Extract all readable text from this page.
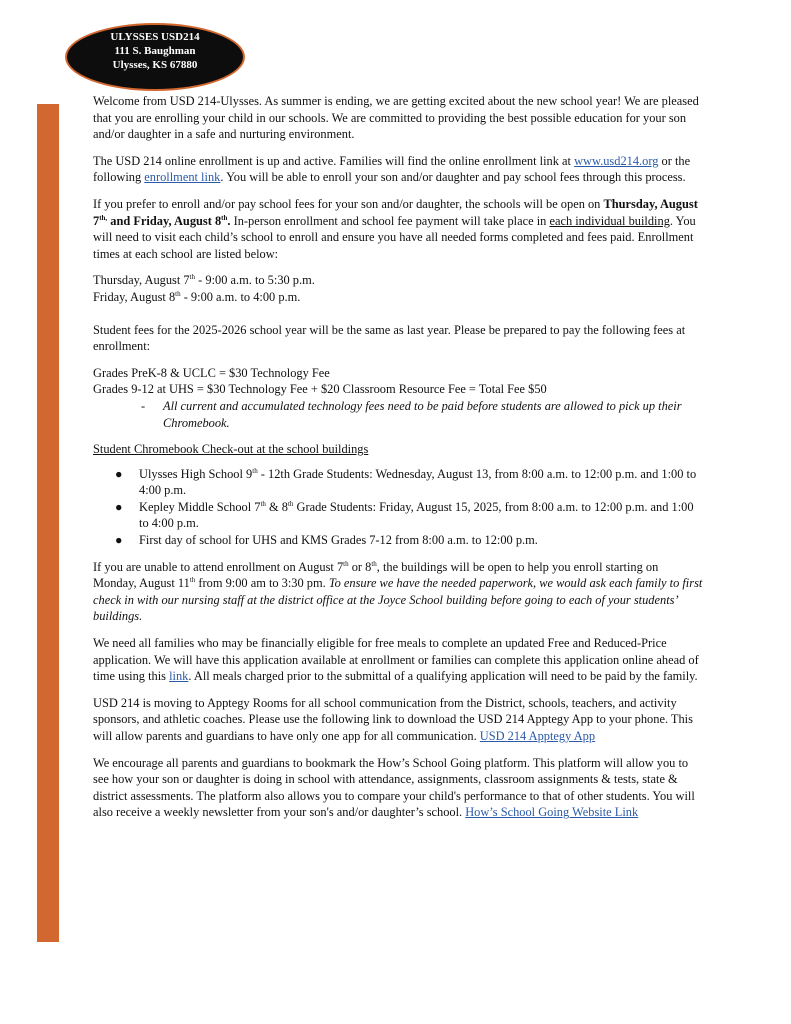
ULYSSES USD214
111 S. Baughman
Ulysses, KS 67880

Welcome from USD 214-Ulysses. As summer is ending, we are getting excited about the new school year! We are pleased that you are enrolling your child in our schools. We are committed to providing the best possible education for your son and/or daughter in a safe and nurturing environment.

The USD 214 online enrollment is up and active. Families will find the online enrollment link at www.usd214.org or the following enrollment link. You will be able to enroll your son and/or daughter and pay school fees through this process.

If you prefer to enroll and/or pay school fees for your son and/or daughter, the schools will be open on Thursday, August $7^{th,}$ and Friday, August 8th. In-person enrollment and school fee payment will take place in each individual building. You will need to visit each child’s school to enroll and ensure you have all needed forms completed and fees paid. Enrollment times at each school are listed below:

Thursday, August 7th - 9:00 a.m. to 5:30 p.m.

Friday, August 8th - 9:00 a.m. to 4:00 p.m.

Student fees for the 2025-2026 school year will be the same as last year. Please be prepared to pay the following fees at enrollment:

Grades PreK-8 & UCLC = $30 Technology Fee

Grades 9-12 at UHS = $30 Technology Fee + $20 Classroom Resource Fee = Total Fee $50

-	All current and accumulated technology fees need to be paid before students are allowed to pick up their Chromebook.
Student Chromebook Check-out at the school buildings
●	Ulysses High School 9th - 12th Grade Students: Wednesday, August 13, from 8:00 a.m. to 12:00 p.m. and 1:00 to 4:00 p.m.
●	Kepley Middle School 7th & 8th Grade Students: Friday, August 15, 2025, from 8:00 a.m. to 12:00 p.m. and 1:00 to 4:00 p.m.
●	First day of school for UHS and KMS Grades 7-12 from 8:00 a.m. to 12:00 p.m.

If you are unable to attend enrollment on August 7th or 8th, the buildings will be open to help you enroll starting on Monday, August 11th from 9:00 am to 3:30 pm. To ensure we have the needed paperwork, we would ask each family to first check in with our nursing staff at the district office at the Joyce School building before going to each of your students’ buildings.

We need all families who may be financially eligible for free meals to complete an updated Free and Reduced-Price application. We will have this application available at enrollment or families can complete this application online ahead of time using this link. All meals charged prior to the submittal of a qualifying application will need to be paid by the family.

USD 214 is moving to Apptegy Rooms for all school communication from the District, schools, teachers, and activity sponsors, and athletic coaches. Please use the following link to download the USD 214 Apptegy App to your phone. This will allow parents and guardians to have only one app for all communication. USD 214 Apptegy App

We encourage all parents and guardians to bookmark the How’s School Going platform. This platform will allow you to see how your son or daughter is doing in school with attendance, assignments, classroom assignments & tests, state & district assessments. The platform also allows you to compare your child's performance to that of other students. You will also receive a weekly newsletter from your son's and/or daughter’s school. How’s School Going Website Link
